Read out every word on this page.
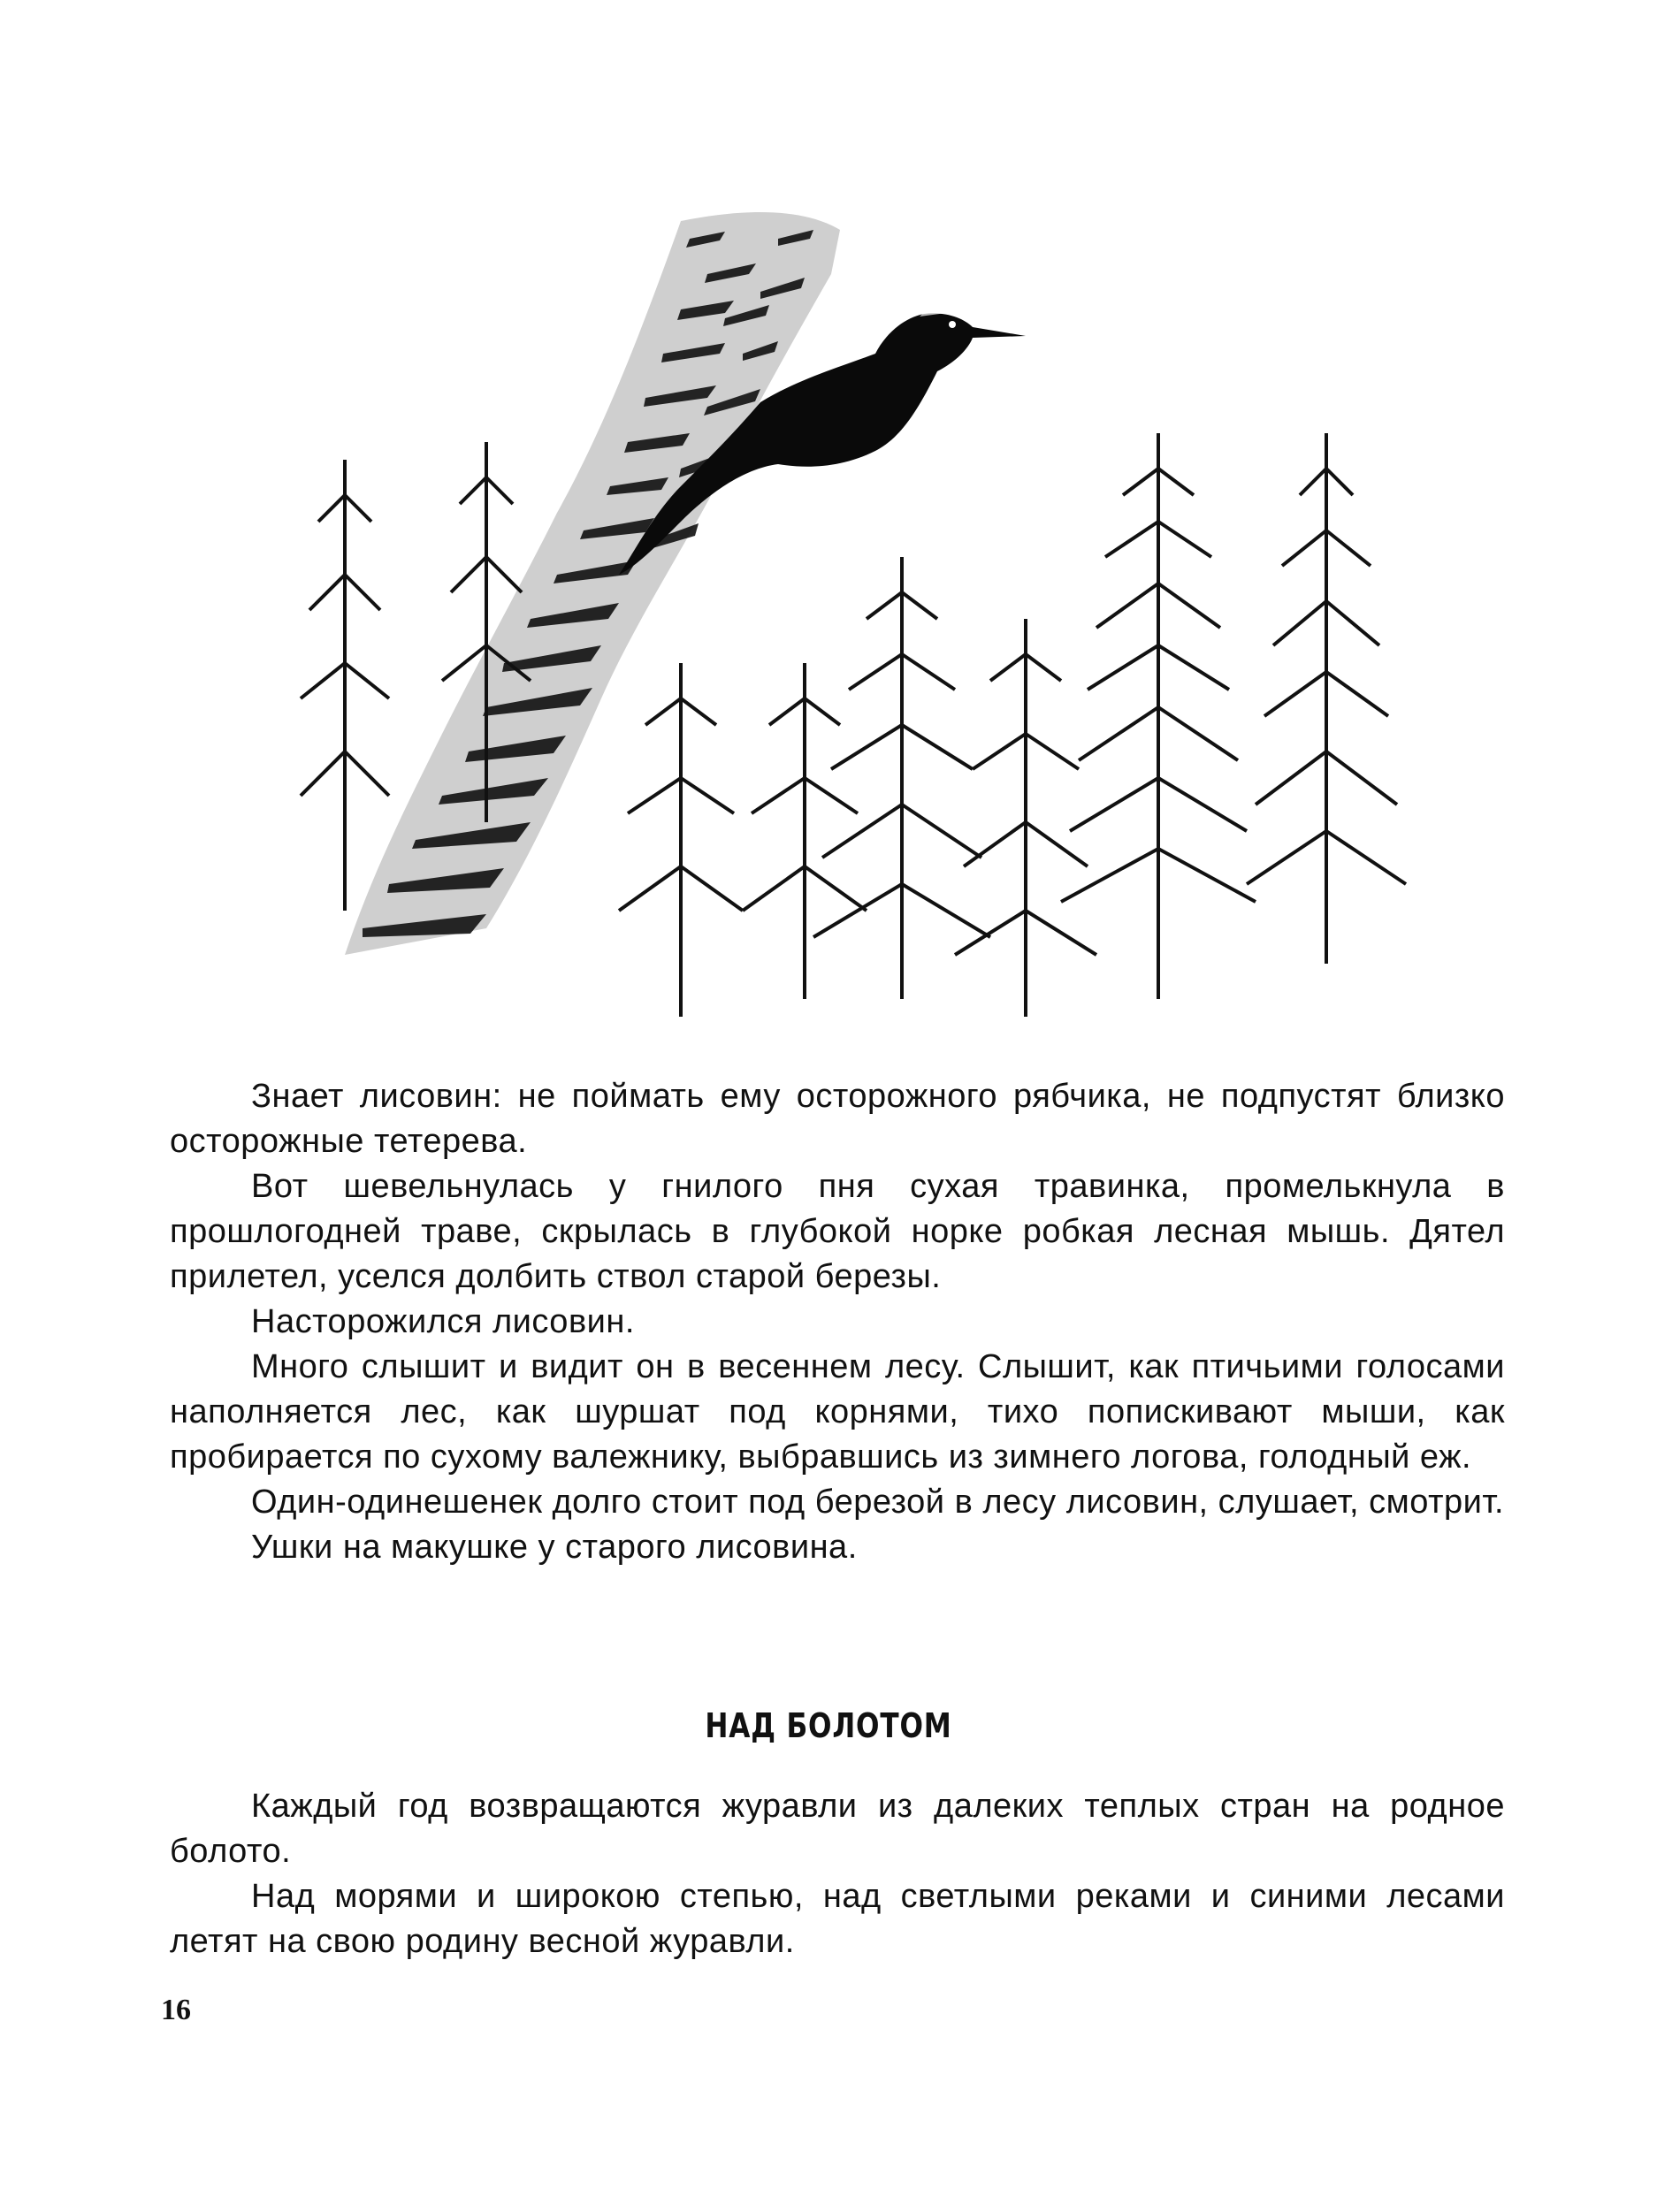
Знает лисовин: не поймать ему осторожного рябчика, не подпустят близко осторожные тетерева.

Вот шевельнулась у гнилого пня сухая травинка, промелькнула в прошлогодней траве, скрылась в глубокой норке робкая лесная мышь. Дятел прилетел, уселся долбить ствол старой березы.

Насторожился лисовин.

Много слышит и видит он в весеннем лесу. Слышит, как птичьими голосами наполняется лес, как шуршат под корнями, тихо попискивают мыши, как пробирается по сухому валежнику, выбравшись из зимнего логова, голодный еж.

Один-одинешенек долго стоит под березой в лесу лисовин, слушает, смотрит.

Ушки на макушке у старого лисовина.

НАД БОЛОТОМ

Каждый год возвращаются журавли из далеких теплых стран на родное болото.

Над морями и широкою степью, над светлыми реками и синими лесами летят на свою родину весной журавли.

16
